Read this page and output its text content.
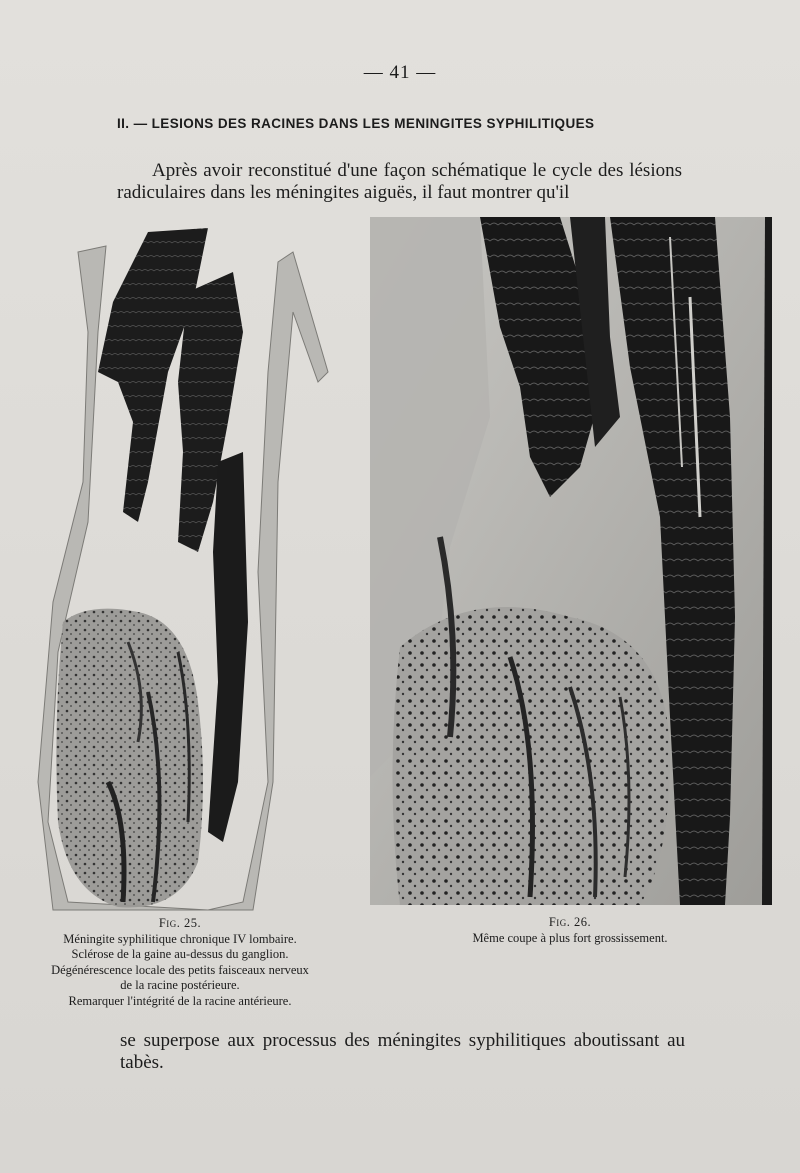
— 41 —
II. — LESIONS DES RACINES DANS LES MENINGITES SYPHILITIQUES
Après avoir reconstitué d'une façon schématique le cycle des lésions radiculaires dans les méningites aiguës, il faut montrer qu'il
Fig. 25.
Méningite syphilitique chronique IV lombaire.
Sclérose de la gaine au-dessus du ganglion.
Dégénérescence locale des petits faisceaux nerveux
de la racine postérieure.
Remarquer l'intégrité de la racine antérieure.
Fig. 26.
Même coupe à plus fort grossissement.
se superpose aux processus des méningites syphilitiques aboutissant au tabès.
